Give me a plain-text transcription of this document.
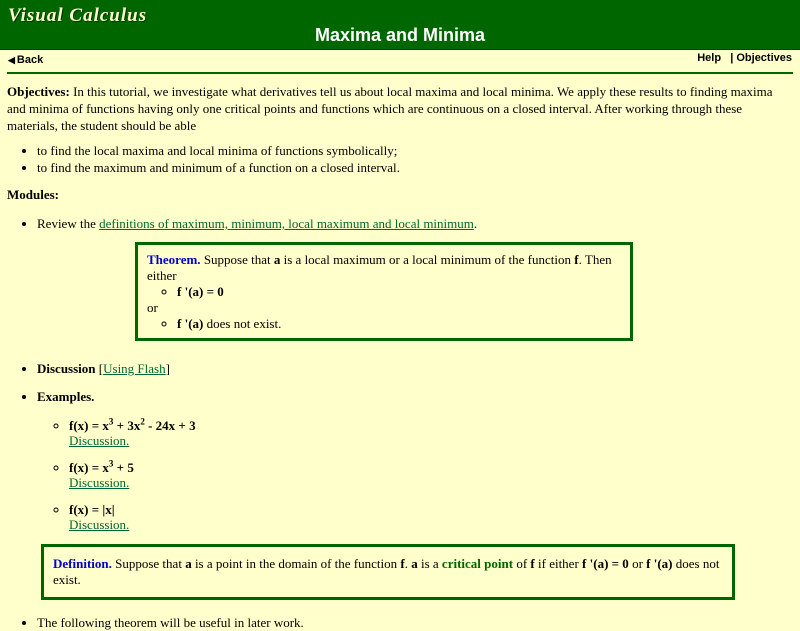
Visual Calculus
Maxima and Minima
◀ Back	Help | Objectives

Objectives: In this tutorial, we investigate what derivatives tell us about local maxima and local minima. We apply these results to finding maxima and minima of functions having only one critical points and functions which are continuous on a closed interval. After working through these materials, the student should be able

• to find the local maxima and local minima of functions symbolically;
• to find the maximum and minimum of a function on a closed interval.

Modules:

• Review the definitions of maximum, minimum, local maximum and local minimum.
Theorem. Suppose that a is a local maximum or a local minimum of the function f. Then either
◦ f '(a) = 0
or
◦ f '(a) does not exist.
• Discussion [Using Flash]
• Examples.
◦ $f(x) = x^3 + 3x^2 - 24x + 3$
Discussion.
◦ $f(x) = x^3 + 5$
Discussion.
◦ f(x) = |x|
Discussion.
Definition. Suppose that a is a point in the domain of the function f. a is a critical point of f if either f '(a) = 0 or f '(a) does not exist.
• The following theorem will be useful in later work.
